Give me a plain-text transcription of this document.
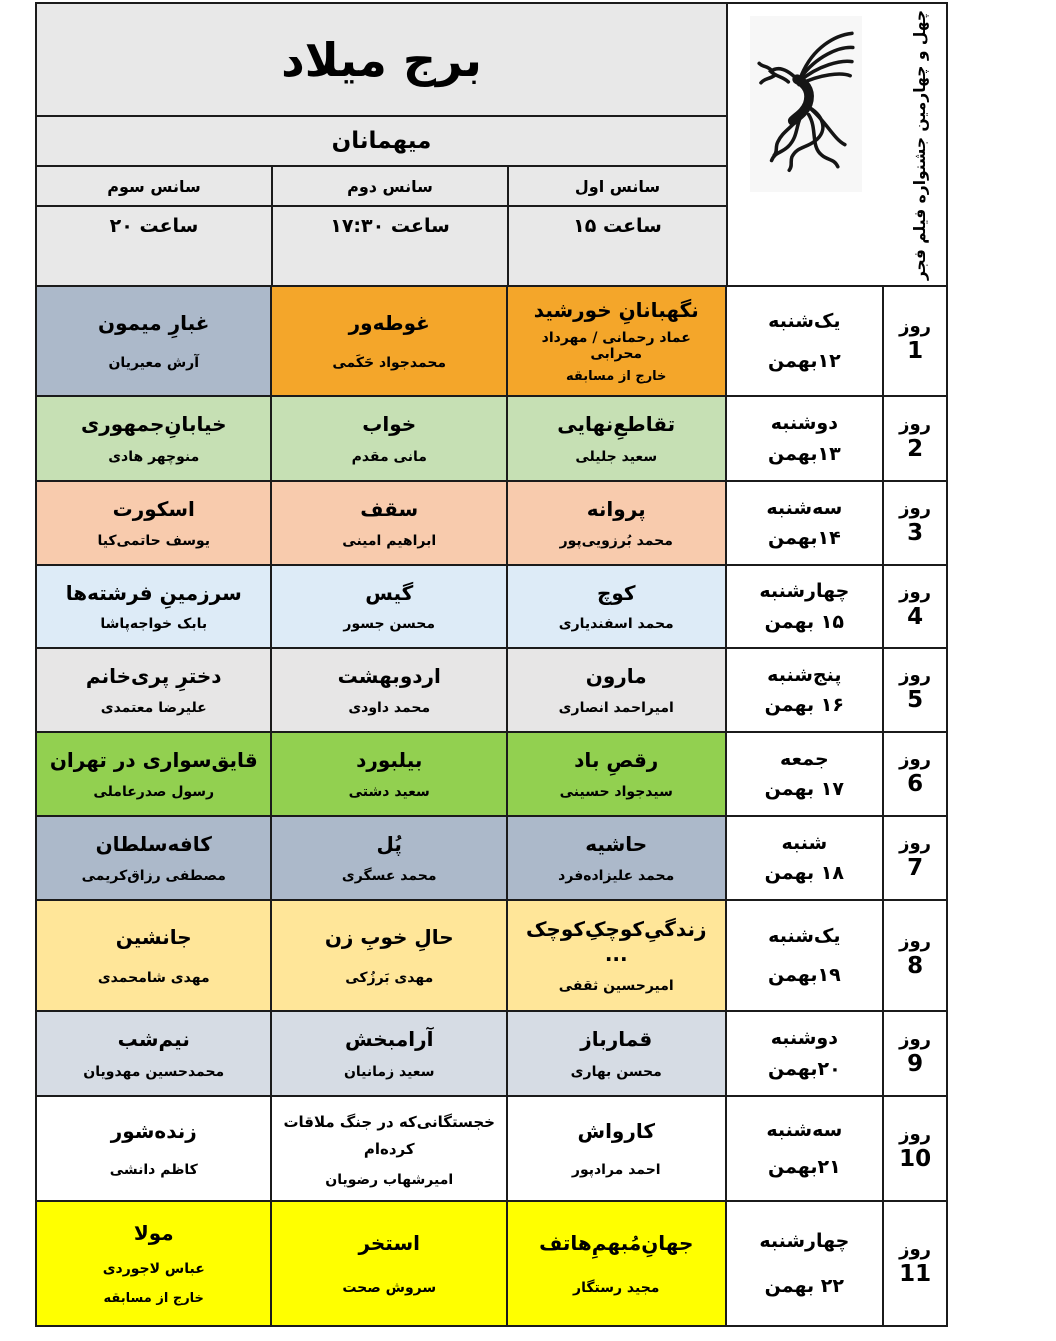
چهل و چهارمین جشنواره فیلم فجر
برج میلاد
میهمانان
سانس اول
سانس دوم
سانس سوم
ساعت ۱۵
ساعت ۱۷:۳۰
ساعت ۲۰
روز
1
یک‌شنبه
۱۲بهمن
نگهبانانِ خورشید
عماد رحمانی / مهرداد محرابی
خارج از مسابقه
غوطه‌ور
محمدجواد حَکَمی
غبارِ میمون
آرش معیریان
روز
2
دوشنبه
۱۳بهمن
تقاطعِ‌نهایی
سعید جلیلی
خواب
مانی مقدم
خیابانِ‌جمهوری
منوچهر هادی
روز
3
سه‌شنبه
۱۴بهمن
پروانه
محمد بُرزویی‌پور
سقف
ابراهیم امینی
اسکورت
یوسف حاتمی‌کیا
روز
4
چهارشنبه
۱۵ بهمن
کوچ
محمد اسفندیاری
گیس
محسن جسور
سرزمینِ فرشته‌ها
بابک خواجه‌پاشا
روز
5
پنج‌شنبه
۱۶ بهمن
مارون
امیراحمد انصاری
اردوبهشت
محمد داودی
دخترِ پری‌خانم
علیرضا معتمدی
روز
6
جمعه
۱۷ بهمن
رقصِ باد
سیدجواد حسینی
بیلبورد
سعید دشتی
قایق‌سواری در تهران
رسول صدرعاملی
روز
7
شنبه
۱۸ بهمن
حاشیه
محمد علیزاده‌فرد
پُل
محمد عسگری
کافه‌سلطان
مصطفی رزاق‌کریمی
روز
8
یک‌شنبه
۱۹بهمن
زندگیِ‌کوچکِ‌کوچک ...
امیرحسین ثقفی
حالِ خوبِ زن
مهدی بَرزُکی
جانشین
مهدی شامحمدی
روز
9
دوشنبه
۲۰بهمن
قمارباز
محسن بهاری
آرامبخش
سعید زمانیان
نیم‌شب
محمدحسین مهدویان
روز
10
سه‌شنبه
۲۱بهمن
کارواش
احمد مرادپور
خجستگانی‌که در جنگ ملاقات کرده‌ام
امیرشهاب رضویان
زنده‌شور
کاظم دانشی
روز
11
چهارشنبه
۲۲ بهمن
جهانِ‌مُبهمِ‌هاتف
مجید رستگار
استخر
سروش صحت
مولا
عباس لاجوردی
خارج از مسابقه
